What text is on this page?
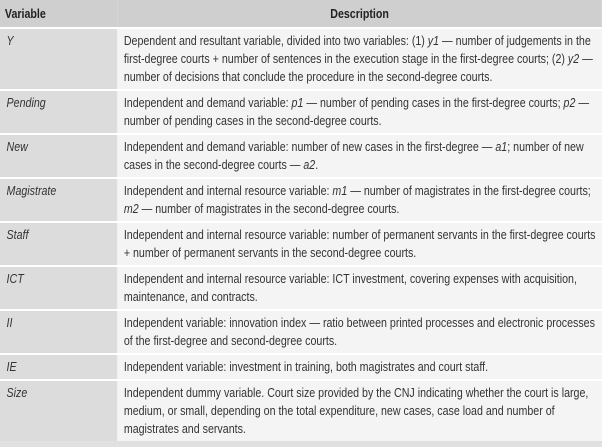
Variable	Description
Y	Dependent and resultant variable, divided into two variables: (1) y1 — number of judgements in the first-degree courts + number of sentences in the execution stage in the first-degree courts; (2) y2 — number of decisions that conclude the procedure in the second-degree courts.
Pending	Independent and demand variable: p1 — number of pending cases in the first-degree courts; p2 — number of pending cases in the second-degree courts.
New	Independent and demand variable: number of new cases in the first-degree — a1; number of new cases in the second-degree courts — a2.
Magistrate	Independent and internal resource variable: m1 — number of magistrates in the first-degree courts; m2 — number of magistrates in the second-degree courts.
Staff	Independent and internal resource variable: number of permanent servants in the first-degree courts + number of permanent servants in the second-degree courts.
ICT	Independent and internal resource variable: ICT investment, covering expenses with acquisition, maintenance, and contracts.
II	Independent variable: innovation index — ratio between printed processes and electronic processes of the first-degree and second-degree courts.
IE	Independent variable: investment in training, both magistrates and court staff.
Size	Independent dummy variable. Court size provided by the CNJ indicating whether the court is large, medium, or small, depending on the total expenditure, new cases, case load and number of magistrates and servants.
